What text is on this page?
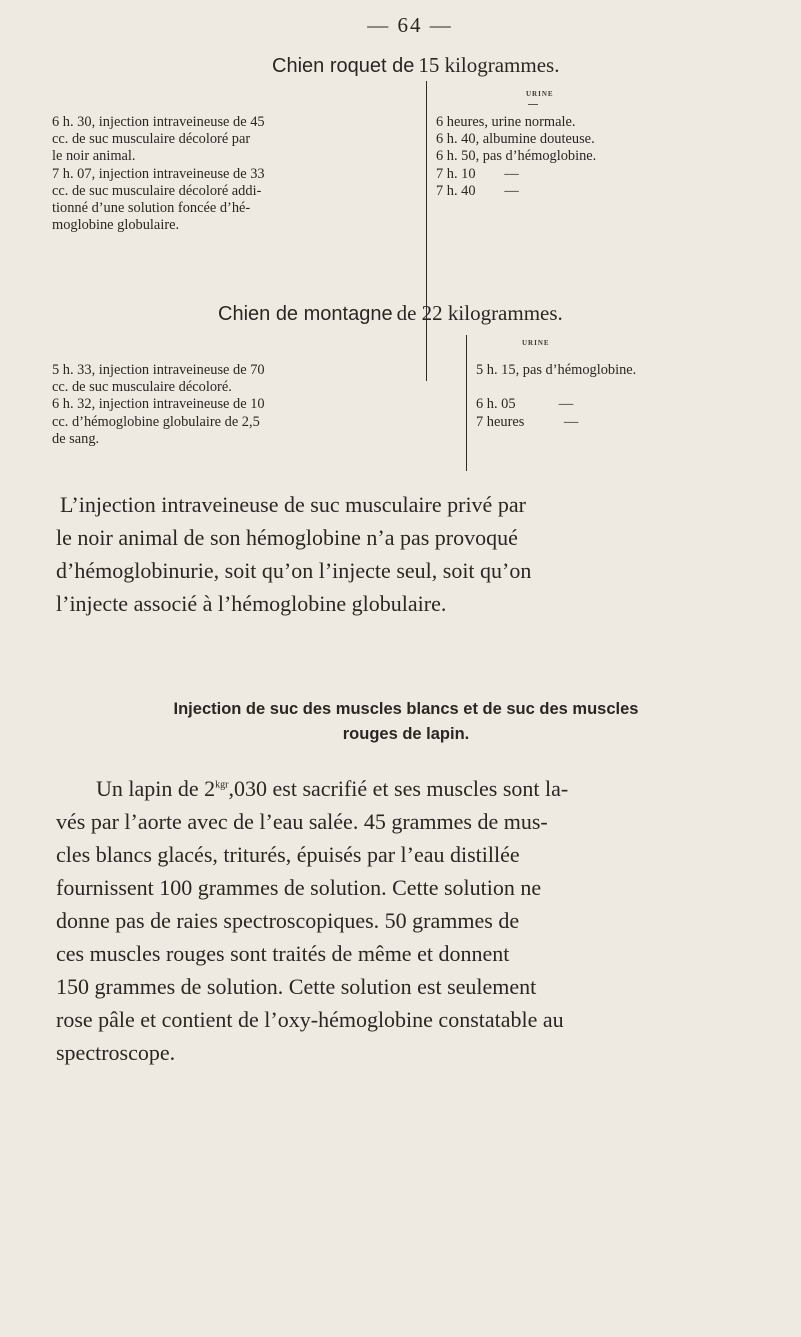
— 64 —
Chien roquet de 15 kilogrammes.
URINE
6 h. 30, injection intraveineuse de 45
cc. de suc musculaire décoloré par
le noir animal.
7 h. 07, injection intraveineuse de 33
cc. de suc musculaire décoloré addi-
tionné d’une solution foncée d’hé-
moglobine globulaire.
6 heures, urine normale.
6 h. 40, albumine douteuse.
6 h. 50, pas d’hémoglobine.
7 h. 10        —
7 h. 40        —
Chien de montagne de 22 kilogrammes.
URINE
5 h. 33, injection intraveineuse de 70
cc. de suc musculaire décoloré.
6 h. 32, injection intraveineuse de 10
cc. d’hémoglobine globulaire de 2,5
de sang.
5 h. 15, pas d’hémoglobine.
6 h. 05            —
7 heures           —
L’injection intraveineuse de suc musculaire privé par
le noir animal de son hémoglobine n’a pas provoqué
d’hémoglobinurie, soit qu’on l’injecte seul, soit qu’on
l’injecte associé à l’hémoglobine globulaire.
Injection de suc des muscles blancs et de suc des muscles
rouges de lapin.
Un lapin de $2^{kgr},030$ est sacrifié et ses muscles sont la-
vés par l’aorte avec de l’eau salée. 45 grammes de mus-
cles blancs glacés, triturés, épuisés par l’eau distillée
fournissent 100 grammes de solution. Cette solution ne
donne pas de raies spectroscopiques. 50 grammes de
ces muscles rouges sont traités de même et donnent
150 grammes de solution. Cette solution est seulement
rose pâle et contient de l’oxy-hémoglobine constatable au
spectroscope.
